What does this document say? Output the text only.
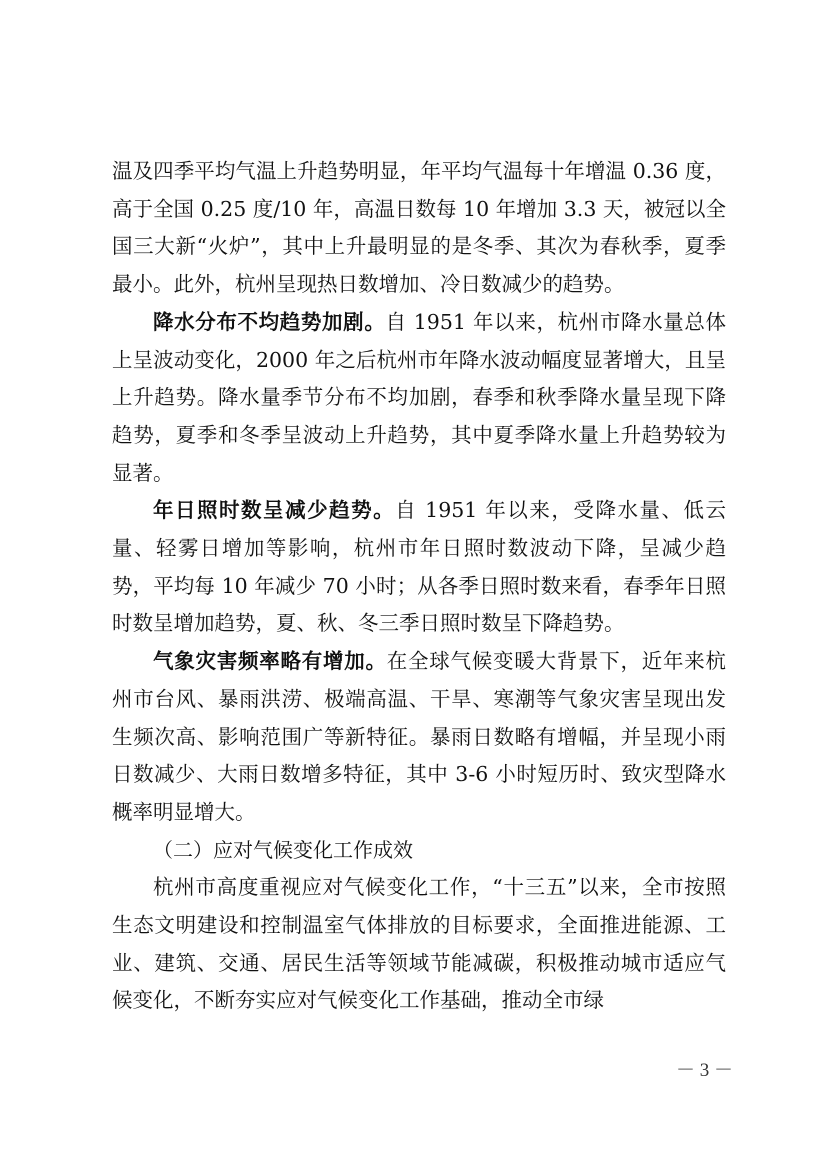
温及四季平均气温上升趋势明显，年平均气温每十年增温 0.36 度，高于全国 0.25 度/10 年，高温日数每 10 年增加 3.3 天，被冠以全国三大新“火炉”，其中上升最明显的是冬季、其次为春秋季，夏季最小。此外，杭州呈现热日数增加、冷日数减少的趋势。

降水分布不均趋势加剧。自 1951 年以来，杭州市降水量总体上呈波动变化，2000 年之后杭州市年降水波动幅度显著增大，且呈上升趋势。降水量季节分布不均加剧，春季和秋季降水量呈现下降趋势，夏季和冬季呈波动上升趋势，其中夏季降水量上升趋势较为显著。

年日照时数呈减少趋势。自 1951 年以来，受降水量、低云量、轻雾日增加等影响，杭州市年日照时数波动下降，呈减少趋势，平均每 10 年减少 70 小时；从各季日照时数来看，春季年日照时数呈增加趋势，夏、秋、冬三季日照时数呈下降趋势。

气象灾害频率略有增加。在全球气候变暖大背景下，近年来杭州市台风、暴雨洪涝、极端高温、干旱、寒潮等气象灾害呈现出发生频次高、影响范围广等新特征。暴雨日数略有增幅，并呈现小雨日数减少、大雨日数增多特征，其中 3-6 小时短历时、致灾型降水概率明显增大。

（二）应对气候变化工作成效

杭州市高度重视应对气候变化工作，“十三五”以来，全市按照生态文明建设和控制温室气体排放的目标要求，全面推进能源、工业、建筑、交通、居民生活等领域节能减碳，积极推动城市适应气候变化，不断夯实应对气候变化工作基础，推动全市绿

－ 3 －
